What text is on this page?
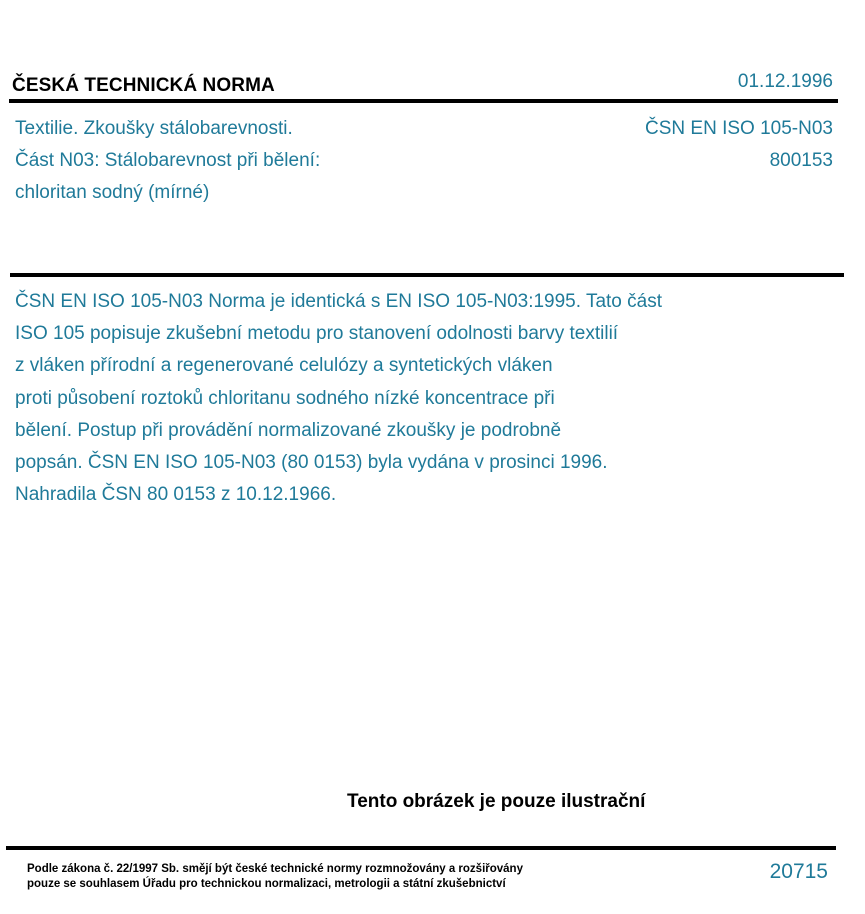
ČESKÁ TECHNICKÁ NORMA	01.12.1996
Textilie. Zkoušky stálobarevnosti.
Část N03: Stálobarevnost při bělení:
chloritan sodný (mírné)
ČSN EN ISO 105-N03
800153
ČSN EN ISO 105-N03 Norma je identická s EN ISO 105-N03:1995. Tato část
ISO 105 popisuje zkušební metodu pro stanovení odolnosti barvy textilií
z vláken přírodní a regenerované celulózy a syntetických vláken
proti působení roztoků chloritanu sodného nízké koncentrace při
bělení. Postup při provádění normalizované zkoušky je podrobně
popsán. ČSN EN ISO 105-N03 (80 0153) byla vydána v prosinci 1996.
Nahradila ČSN 80 0153 z 10.12.1966.
Tento obrázek je pouze ilustrační
Podle zákona č. 22/1997 Sb. smějí být české technické normy rozmnožovány a rozšiřovány
pouze se souhlasem Úřadu pro technickou normalizaci, metrologii a státní zkušebnictví
20715
